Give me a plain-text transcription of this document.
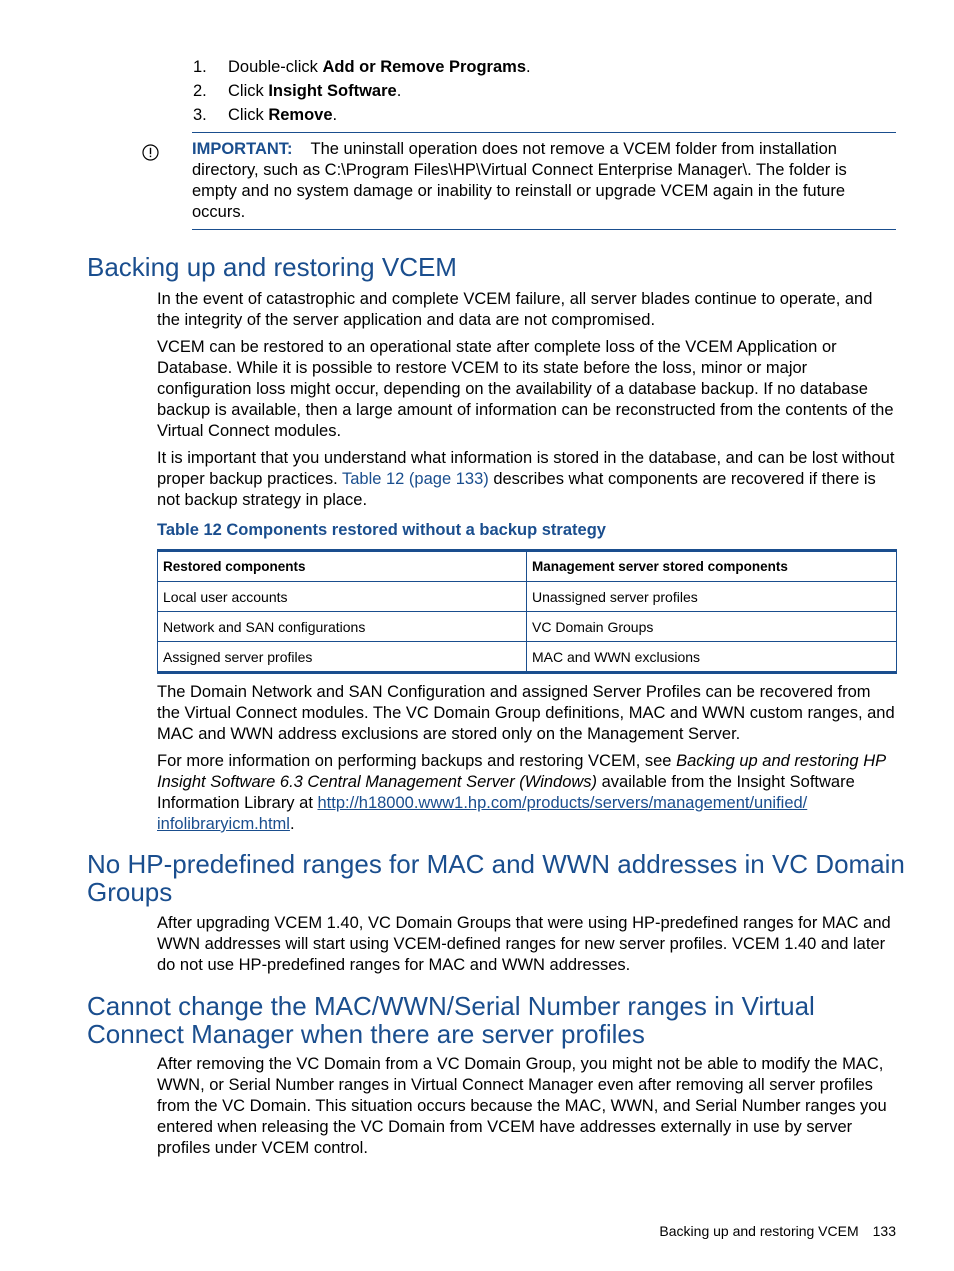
1.	Double-click Add or Remove Programs.
2.	Click Insight Software.
3.	Click Remove.
IMPORTANT: The uninstall operation does not remove a VCEM folder from installation directory, such as C:\Program Files\HP\Virtual Connect Enterprise Manager\. The folder is empty and no system damage or inability to reinstall or upgrade VCEM again in the future occurs.
Backing up and restoring VCEM

In the event of catastrophic and complete VCEM failure, all server blades continue to operate, and the integrity of the server application and data are not compromised.

VCEM can be restored to an operational state after complete loss of the VCEM Application or Database. While it is possible to restore VCEM to its state before the loss, minor or major configuration loss might occur, depending on the availability of a database backup. If no database backup is available, then a large amount of information can be reconstructed from the contents of the Virtual Connect modules.

It is important that you understand what information is stored in the database, and can be lost without proper backup practices. Table 12 (page 133) describes what components are recovered if there is not backup strategy in place.

Table 12 Components restored without a backup strategy
Restored components	Management server stored components
Local user accounts	Unassigned server profiles
Network and SAN configurations	VC Domain Groups
Assigned server profiles	MAC and WWN exclusions

The Domain Network and SAN Configuration and assigned Server Profiles can be recovered from the Virtual Connect modules. The VC Domain Group definitions, MAC and WWN custom ranges, and MAC and WWN address exclusions are stored only on the Management Server.

For more information on performing backups and restoring VCEM, see Backing up and restoring HP Insight Software 6.3 Central Management Server (Windows) available from the Insight Software Information Library at http://h18000.www1.hp.com/products/servers/management/unified/ infolibraryicm.html.

No HP-predefined ranges for MAC and WWN addresses in VC Domain Groups

After upgrading VCEM 1.40, VC Domain Groups that were using HP-predefined ranges for MAC and WWN addresses will start using VCEM-defined ranges for new server profiles. VCEM 1.40 and later do not use HP-predefined ranges for MAC and WWN addresses.

Cannot change the MAC/WWN/Serial Number ranges in Virtual Connect Manager when there are server profiles

After removing the VC Domain from a VC Domain Group, you might not be able to modify the MAC, WWN, or Serial Number ranges in Virtual Connect Manager even after removing all server profiles from the VC Domain. This situation occurs because the MAC, WWN, and Serial Number ranges you entered when releasing the VC Domain from VCEM have addresses externally in use by server profiles under VCEM control.

Backing up and restoring VCEM 133
